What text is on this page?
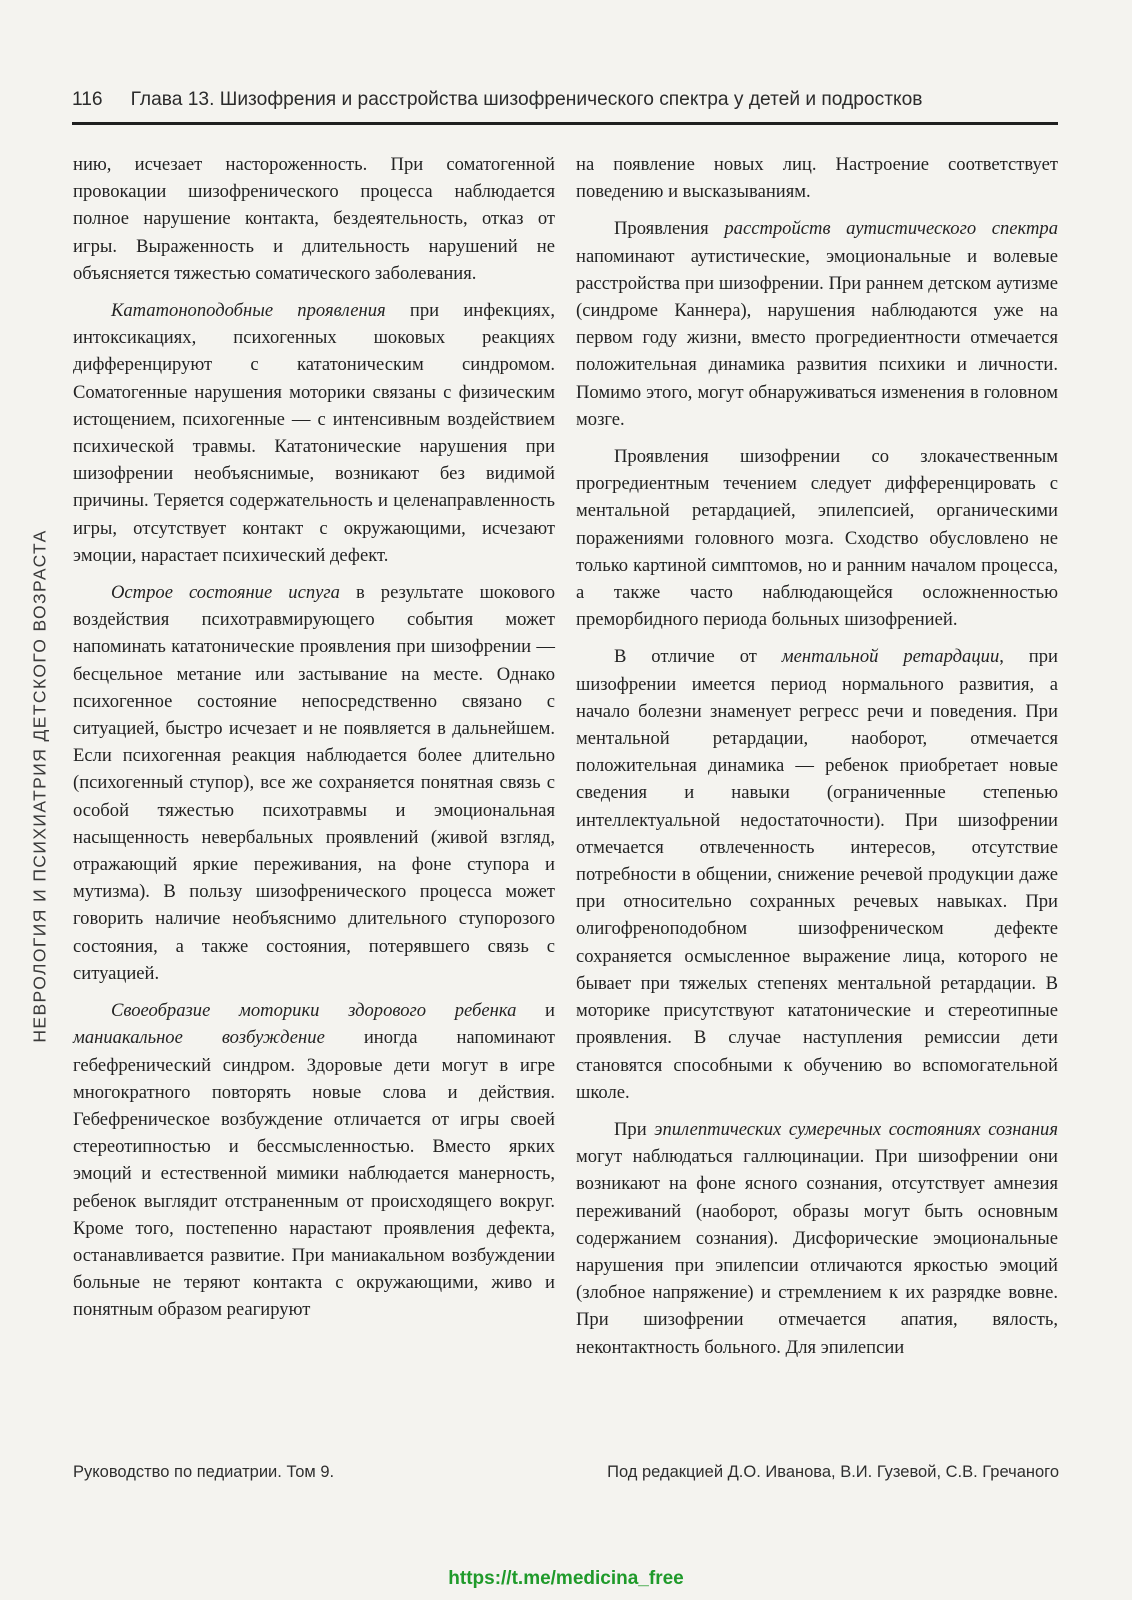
116 Глава 13. Шизофрения и расстройства шизофренического спектра у детей и подростков
НЕВРОЛОГИЯ И ПСИХИАТРИЯ ДЕТСКОГО ВОЗРАСТА

нию, исчезает настороженность. При соматогенной провокации шизофренического процесса наблюдается полное нарушение контакта, бездеятельность, отказ от игры. Выраженность и длительность нарушений не объясняется тяжестью соматического заболевания.

Кататоноподобные проявления при инфекциях, интоксикациях, психогенных шоковых реакциях дифференцируют с кататоническим синдромом. Соматогенные нарушения моторики связаны с физическим истощением, психогенные — с интенсивным воздействием психической травмы. Кататонические нарушения при шизофрении необъяснимые, возникают без видимой причины. Теряется содержательность и целенаправленность игры, отсутствует контакт с окружающими, исчезают эмоции, нарастает психический дефект.

Острое состояние испуга в результате шокового воздействия психотравмирующего события может напоминать кататонические проявления при шизофрении — бесцельное метание или застывание на месте. Однако психогенное состояние непосредственно связано с ситуацией, быстро исчезает и не появляется в дальнейшем. Если психогенная реакция наблюдается более длительно (психогенный ступор), все же сохраняется понятная связь с особой тяжестью психотравмы и эмоциональная насыщенность невербальных проявлений (живой взгляд, отражающий яркие переживания, на фоне ступора и мутизма). В пользу шизофренического процесса может говорить наличие необъяснимо длительного ступорозого состояния, а также состояния, потерявшего связь с ситуацией.

Своеобразие моторики здорового ребенка и маниакальное возбуждение иногда напоминают гебефренический синдром. Здоровые дети могут в игре многократного повторять новые слова и действия. Гебефреническое возбуждение отличается от игры своей стереотипностью и бессмысленностью. Вместо ярких эмоций и естественной мимики наблюдается манерность, ребенок выглядит отстраненным от происходящего вокруг. Кроме того, постепенно нарастают проявления дефекта, останавливается развитие. При маниакальном возбуждении больные не теряют контакта с окружающими, живо и понятным образом реагируют

на появление новых лиц. Настроение соответствует поведению и высказываниям.

Проявления расстройств аутистического спектра напоминают аутистические, эмоциональные и волевые расстройства при шизофрении. При раннем детском аутизме (синдроме Каннера), нарушения наблюдаются уже на первом году жизни, вместо прогредиентности отмечается положительная динамика развития психики и личности. Помимо этого, могут обнаруживаться изменения в головном мозге.

Проявления шизофрении со злокачественным прогредиентным течением следует дифференцировать с ментальной ретардацией, эпилепсией, органическими поражениями головного мозга. Сходство обусловлено не только картиной симптомов, но и ранним началом процесса, а также часто наблюдающейся осложненностью преморбидного периода больных шизофренией.

В отличие от ментальной ретардации, при шизофрении имеется период нормального развития, а начало болезни знаменует регресс речи и поведения. При ментальной ретардации, наоборот, отмечается положительная динамика — ребенок приобретает новые сведения и навыки (ограниченные степенью интеллектуальной недостаточности). При шизофрении отмечается отвлеченность интересов, отсутствие потребности в общении, снижение речевой продукции даже при относительно сохранных речевых навыках. При олигофреноподобном шизофреническом дефекте сохраняется осмысленное выражение лица, которого не бывает при тяжелых степенях ментальной ретардации. В моторике присутствуют кататонические и стереотипные проявления. В случае наступления ремиссии дети становятся способными к обучению во вспомогательной школе.

При эпилептических сумеречных состояниях сознания могут наблюдаться галлюцинации. При шизофрении они возникают на фоне ясного сознания, отсутствует амнезия переживаний (наоборот, образы могут быть основным содержанием сознания). Дисфорические эмоциональные нарушения при эпилепсии отличаются яркостью эмоций (злобное напряжение) и стремлением к их разрядке вовне. При шизофрении отмечается апатия, вялость, неконтактность больного. Для эпилепсии

Руководство по педиатрии. Том 9.	Под редакцией Д.О. Иванова, В.И. Гузевой, С.В. Гречаного
https://t.me/medicina_free
